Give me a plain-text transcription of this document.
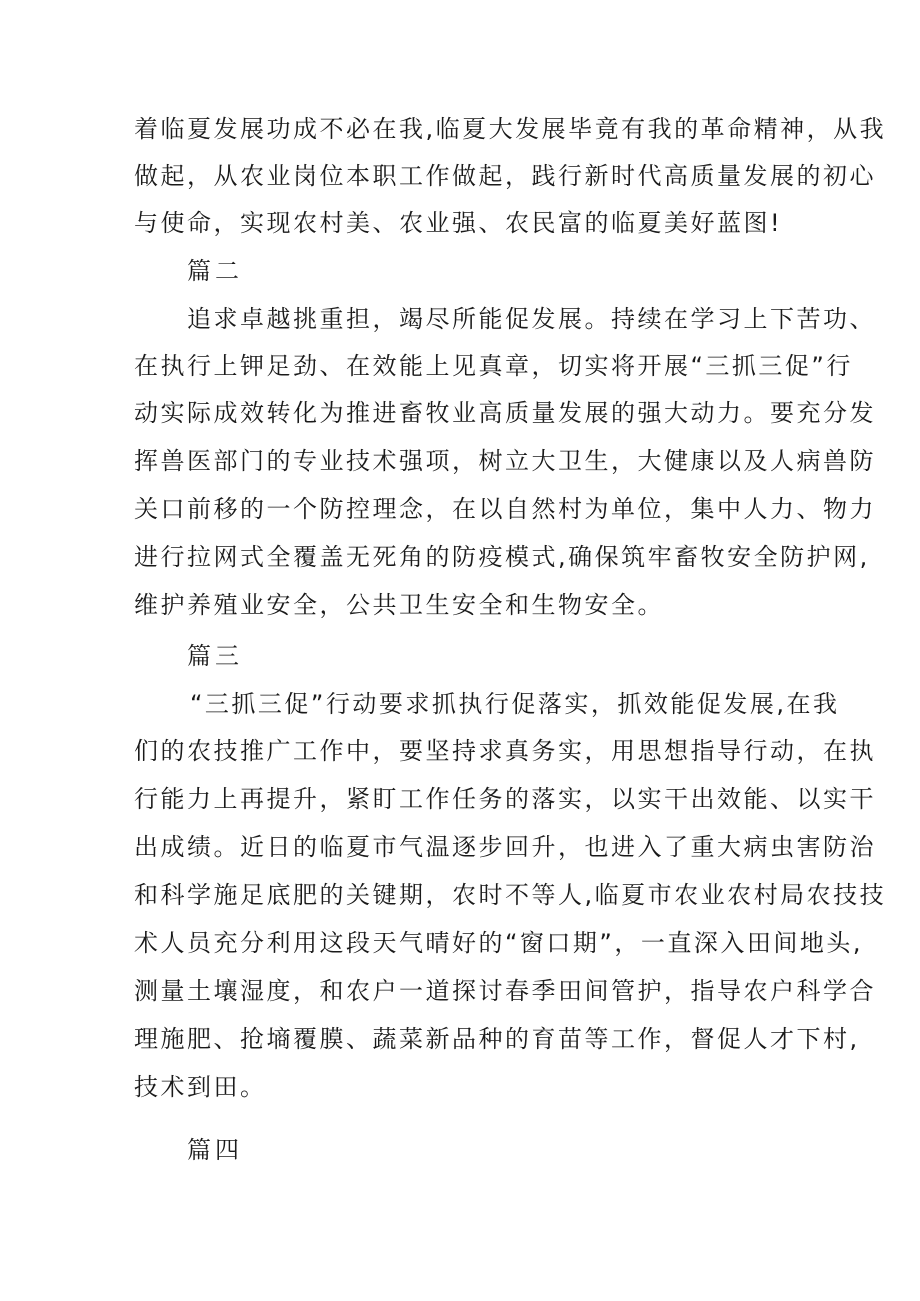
着临夏发展功成不必在我,临夏大发展毕竟有我的革命精神，从我
做起，从农业岗位本职工作做起，践行新时代高质量发展的初心
与使命，实现农村美、农业强、农民富的临夏美好蓝图!
篇二
追求卓越挑重担，竭尽所能促发展。持续在学习上下苦功、
在执行上钾足劲、在效能上见真章，切实将开展“三抓三促”行
动实际成效转化为推进畜牧业高质量发展的强大动力。要充分发
挥兽医部门的专业技术强项，树立大卫生，大健康以及人病兽防
关口前移的一个防控理念，在以自然村为单位，集中人力、物力
进行拉网式全覆盖无死角的防疫模式,确保筑牢畜牧安全防护网,
维护养殖业安全，公共卫生安全和生物安全。
篇三
“三抓三促”行动要求抓执行促落实，抓效能促发展,在我
们的农技推广工作中，要坚持求真务实，用思想指导行动，在执
行能力上再提升，紧盯工作任务的落实，以实干出效能、以实干
出成绩。近日的临夏市气温逐步回升，也进入了重大病虫害防治
和科学施足底肥的关键期，农时不等人,临夏市农业农村局农技技
术人员充分利用这段天气晴好的“窗口期”，一直深入田间地头,
测量土壤湿度，和农户一道探讨春季田间管护，指导农户科学合
理施肥、抢墒覆膜、蔬菜新品种的育苗等工作，督促人才下村,
技术到田。
篇四
